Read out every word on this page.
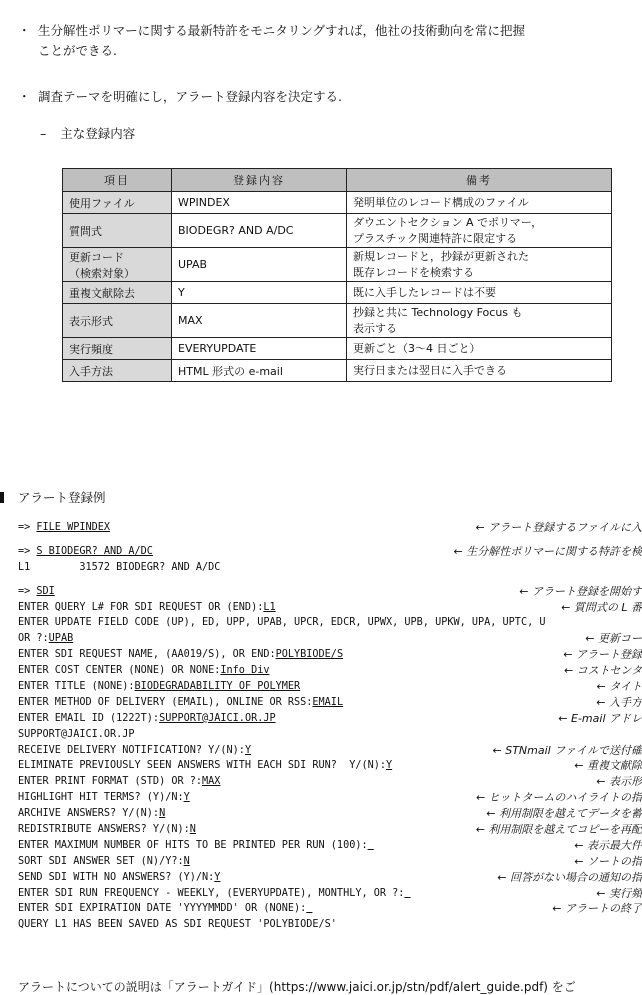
・ 生分解性ポリマーに関する最新特許をモニタリングすれば，他社の技術動向を常に把握
ことができる.
・ 調査テーマを明確にし，アラート登録内容を決定する.
– 主な登録内容
項目	登録内容	備考
使用ファイル	WPINDEX	発明単位のレコード構成のファイル
質問式	BIODEGR? AND A/DC	ダウエントセクション A でポリマー，
プラスチック関連特許に限定する
更新コード
（検索対象）	UPAB	新規レコードと，抄録が更新された
既存レコードを検索する
重複文献除去	Y	既に入手したレコードは不要
表示形式	MAX	抄録と共に Technology Focus も
表示する
実行頻度	EVERYUPDATE	更新ごと（3～4 日ごと）
入手方法	HTML 形式の e-mail	実行日または翌日に入手できる
アラート登録例
=> FILE WPINDEX	← アラート登録するファイルに入
=> S BIODEGR? AND A/DC	← 生分解性ポリマーに関する特許を検
L1        31572 BIODEGR? AND A/DC
=> SDI	← アラート登録を開始す
ENTER QUERY L# FOR SDI REQUEST OR (END):L1	← 質問式の L 番
ENTER UPDATE FIELD CODE (UP), ED, UPP, UPAB, UPCR, EDCR, UPWX, UPB, UPKW, UPA, UPTC, U
OR ?:UPAB	← 更新コー
ENTER SDI REQUEST NAME, (AA019/S), OR END:POLYBIODE/S	← アラート登録
ENTER COST CENTER (NONE) OR NONE:Info Div	← コストセンタ
ENTER TITLE (NONE):BIODEGRADABILITY OF POLYMER	← タイト
ENTER METHOD OF DELIVERY (EMAIL), ONLINE OR RSS:EMAIL	← 入手方
ENTER EMAIL ID (1222T):SUPPORT@JAICI.OR.JP	← E-mail アドレ
SUPPORT@JAICI.OR.JP
RECEIVE DELIVERY NOTIFICATION? Y/(N):Y	← STNmail ファイルで送付確
ELIMINATE PREVIOUSLY SEEN ANSWERS WITH EACH SDI RUN?  Y/(N):Y	← 重複文献除
ENTER PRINT FORMAT (STD) OR ?:MAX	← 表示形
HIGHLIGHT HIT TERMS? (Y)/N:Y	← ヒットタームのハイライトの指
ARCHIVE ANSWERS? Y/(N):N	← 利用制限を越えてデータを蓄
REDISTRIBUTE ANSWERS? Y/(N):N	← 利用制限を越えてコピーを再配
ENTER MAXIMUM NUMBER OF HITS TO BE PRINTED PER RUN (100):	← 表示最大件
SORT SDI ANSWER SET (N)/Y?:N	← ソートの指
SEND SDI WITH NO ANSWERS? (Y)/N:Y	← 回答がない場合の通知の指
ENTER SDI RUN FREQUENCY - WEEKLY, (EVERYUPDATE), MONTHLY, OR ?:	← 実行頻
ENTER SDI EXPIRATION DATE 'YYYYMMDD' OR (NONE):	← アラートの終了
QUERY L1 HAS BEEN SAVED AS SDI REQUEST 'POLYBIODE/S'
アラートについての説明は「アラートガイド」(https://www.jaici.or.jp/stn/pdf/alert_guide.pdf) をご
